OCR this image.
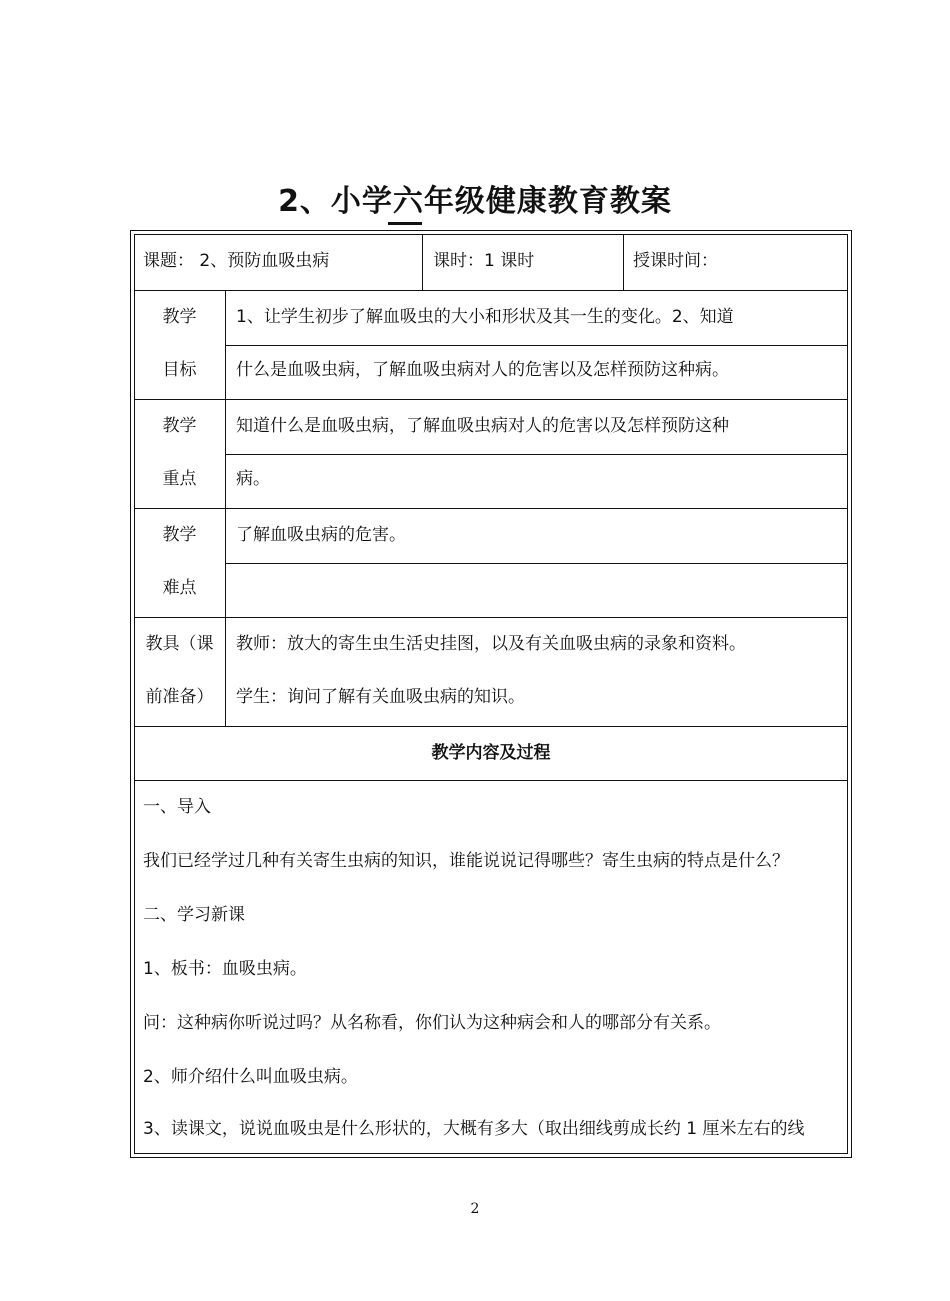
2、小学六年级健康教育教案
课题： 2、预防血吸虫病	课时：1 课时	授课时间：
教学
目标
1、让学生初步了解血吸虫的大小和形状及其一生的变化。2、知道
什么是血吸虫病，了解血吸虫病对人的危害以及怎样预防这种病。
教学
重点
知道什么是血吸虫病，了解血吸虫病对人的危害以及怎样预防这种
病。
教学
难点
了解血吸虫病的危害。
教具（课
前准备）
教师：放大的寄生虫生活史挂图，以及有关血吸虫病的录象和资料。
学生：询问了解有关血吸虫病的知识。
教学内容及过程
一、导入
我们已经学过几种有关寄生虫病的知识，谁能说说记得哪些？寄生虫病的特点是什么？
二、学习新课
1、板书：血吸虫病。
问：这种病你听说过吗？从名称看，你们认为这种病会和人的哪部分有关系。
2、师介绍什么叫血吸虫病。
3、读课文，说说血吸虫是什么形状的，大概有多大（取出细线剪成长约 1 厘米左右的线
2
